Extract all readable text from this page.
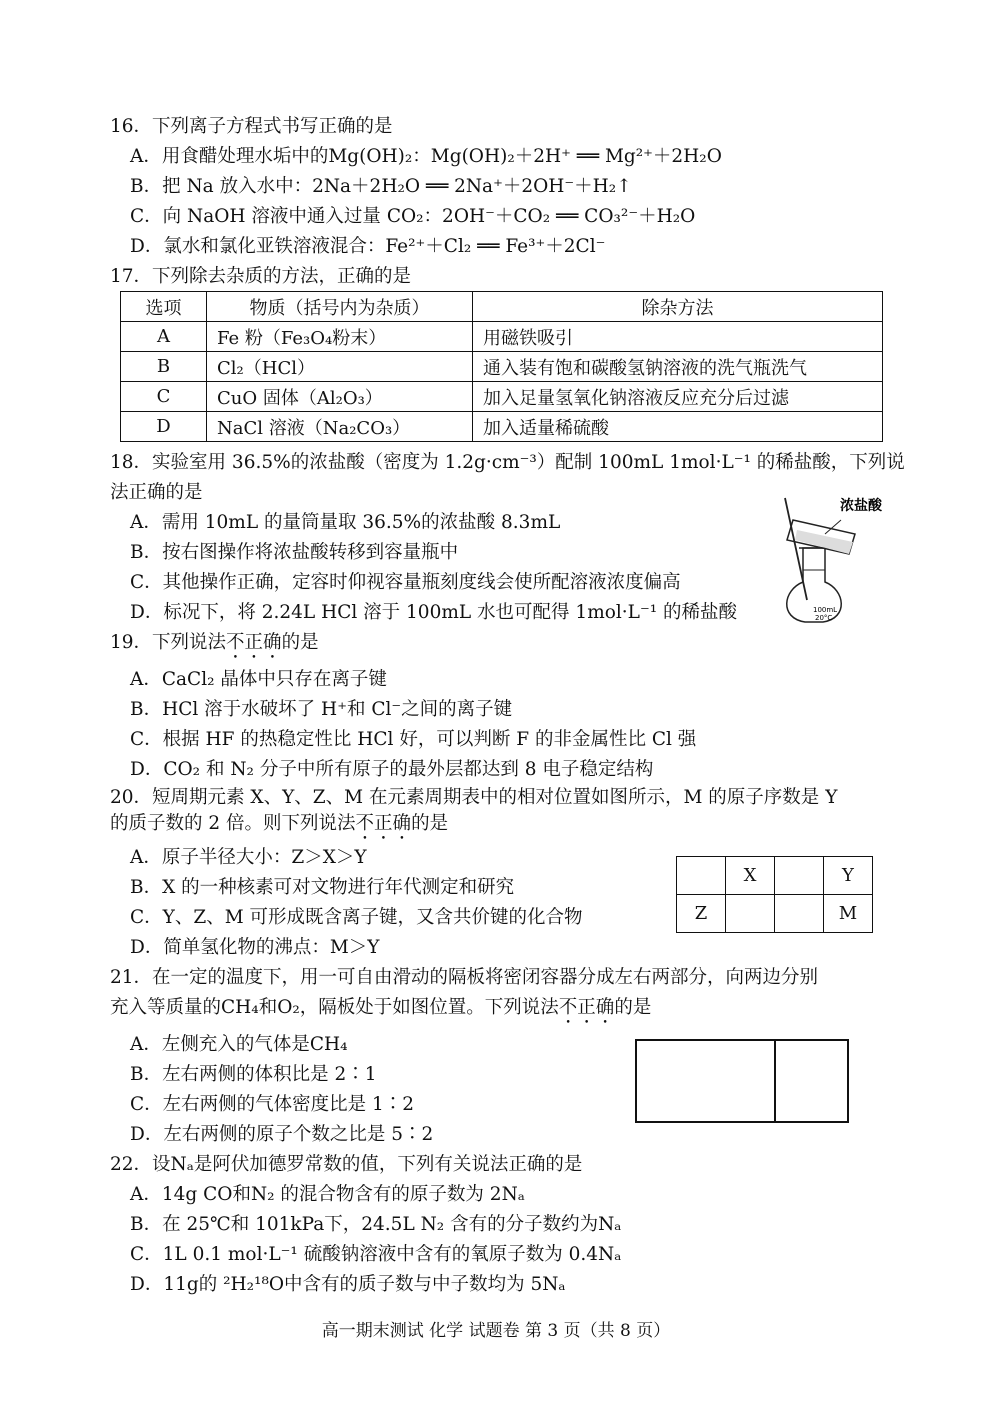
16．下列离子方程式书写正确的是
A．用食醋处理水垢中的Mg(OH)₂：Mg(OH)₂＋2H⁺ ══ Mg²⁺＋2H₂O
B．把 Na 放入水中：2Na＋2H₂O ══ 2Na⁺＋2OH⁻＋H₂↑
C．向 NaOH 溶液中通入过量 CO₂：2OH⁻＋CO₂ ══ CO₃²⁻＋H₂O
D．氯水和氯化亚铁溶液混合：Fe²⁺＋Cl₂ ══ Fe³⁺＋2Cl⁻
17．下列除去杂质的方法，正确的是
选项	物质（括号内为杂质）	除杂方法
A	Fe 粉（Fe₃O₄粉末）	用磁铁吸引
B	Cl₂（HCl）	通入装有饱和碳酸氢钠溶液的洗气瓶洗气
C	CuO 固体（Al₂O₃）	加入足量氢氧化钠溶液反应充分后过滤
D	NaCl 溶液（Na₂CO₃）	加入适量稀硫酸
18．实验室用 36.5%的浓盐酸（密度为 1.2g·cm⁻³）配制 100mL 1mol·L⁻¹ 的稀盐酸，下列说
法正确的是
A．需用 10mL 的量筒量取 36.5%的浓盐酸 8.3mL
B．按右图操作将浓盐酸转移到容量瓶中
C．其他操作正确，定容时仰视容量瓶刻度线会使所配溶液浓度偏高
D．标况下，将 2.24L HCl 溶于 100mL 水也可配得 1mol·L⁻¹ 的稀盐酸	100mL
20°C
浓盐酸
19．下列说法不正确的是
A．CaCl₂ 晶体中只存在离子键
B．HCl 溶于水破坏了 H⁺和 Cl⁻之间的离子键
C．根据 HF 的热稳定性比 HCl 好，可以判断 F 的非金属性比 Cl 强
D．CO₂ 和 N₂ 分子中所有原子的最外层都达到 8 电子稳定结构
20．短周期元素 X、Y、Z、M 在元素周期表中的相对位置如图所示，M 的原子序数是 Y
的质子数的 2 倍。则下列说法不正确的是
A．原子半径大小：Z＞X＞Y
B．X 的一种核素可对文物进行年代测定和研究
C．Y、Z、M 可形成既含离子键，又含共价键的化合物
D．简单氢化物的沸点：M＞Y
	X		Y
Z			M
21．在一定的温度下，用一可自由滑动的隔板将密闭容器分成左右两部分，向两边分别
充入等质量的CH₄和O₂，隔板处于如图位置。下列说法不正确的是
A．左侧充入的气体是CH₄
B．左右两侧的体积比是 2∶1
C．左右两侧的气体密度比是 1∶2
D．左右两侧的原子个数之比是 5∶2
22．设Nₐ是阿伏加德罗常数的值，下列有关说法正确的是
A．14g CO和N₂ 的混合物含有的原子数为 2Nₐ
B．在 25℃和 101kPa下，24.5L N₂ 含有的分子数约为Nₐ
C．1L 0.1 mol·L⁻¹ 硫酸钠溶液中含有的氧原子数为 0.4Nₐ
D．11g的 ²H₂¹⁸O中含有的质子数与中子数均为 5Nₐ
高一期末测试 化学 试题卷 第 3 页（共 8 页）
